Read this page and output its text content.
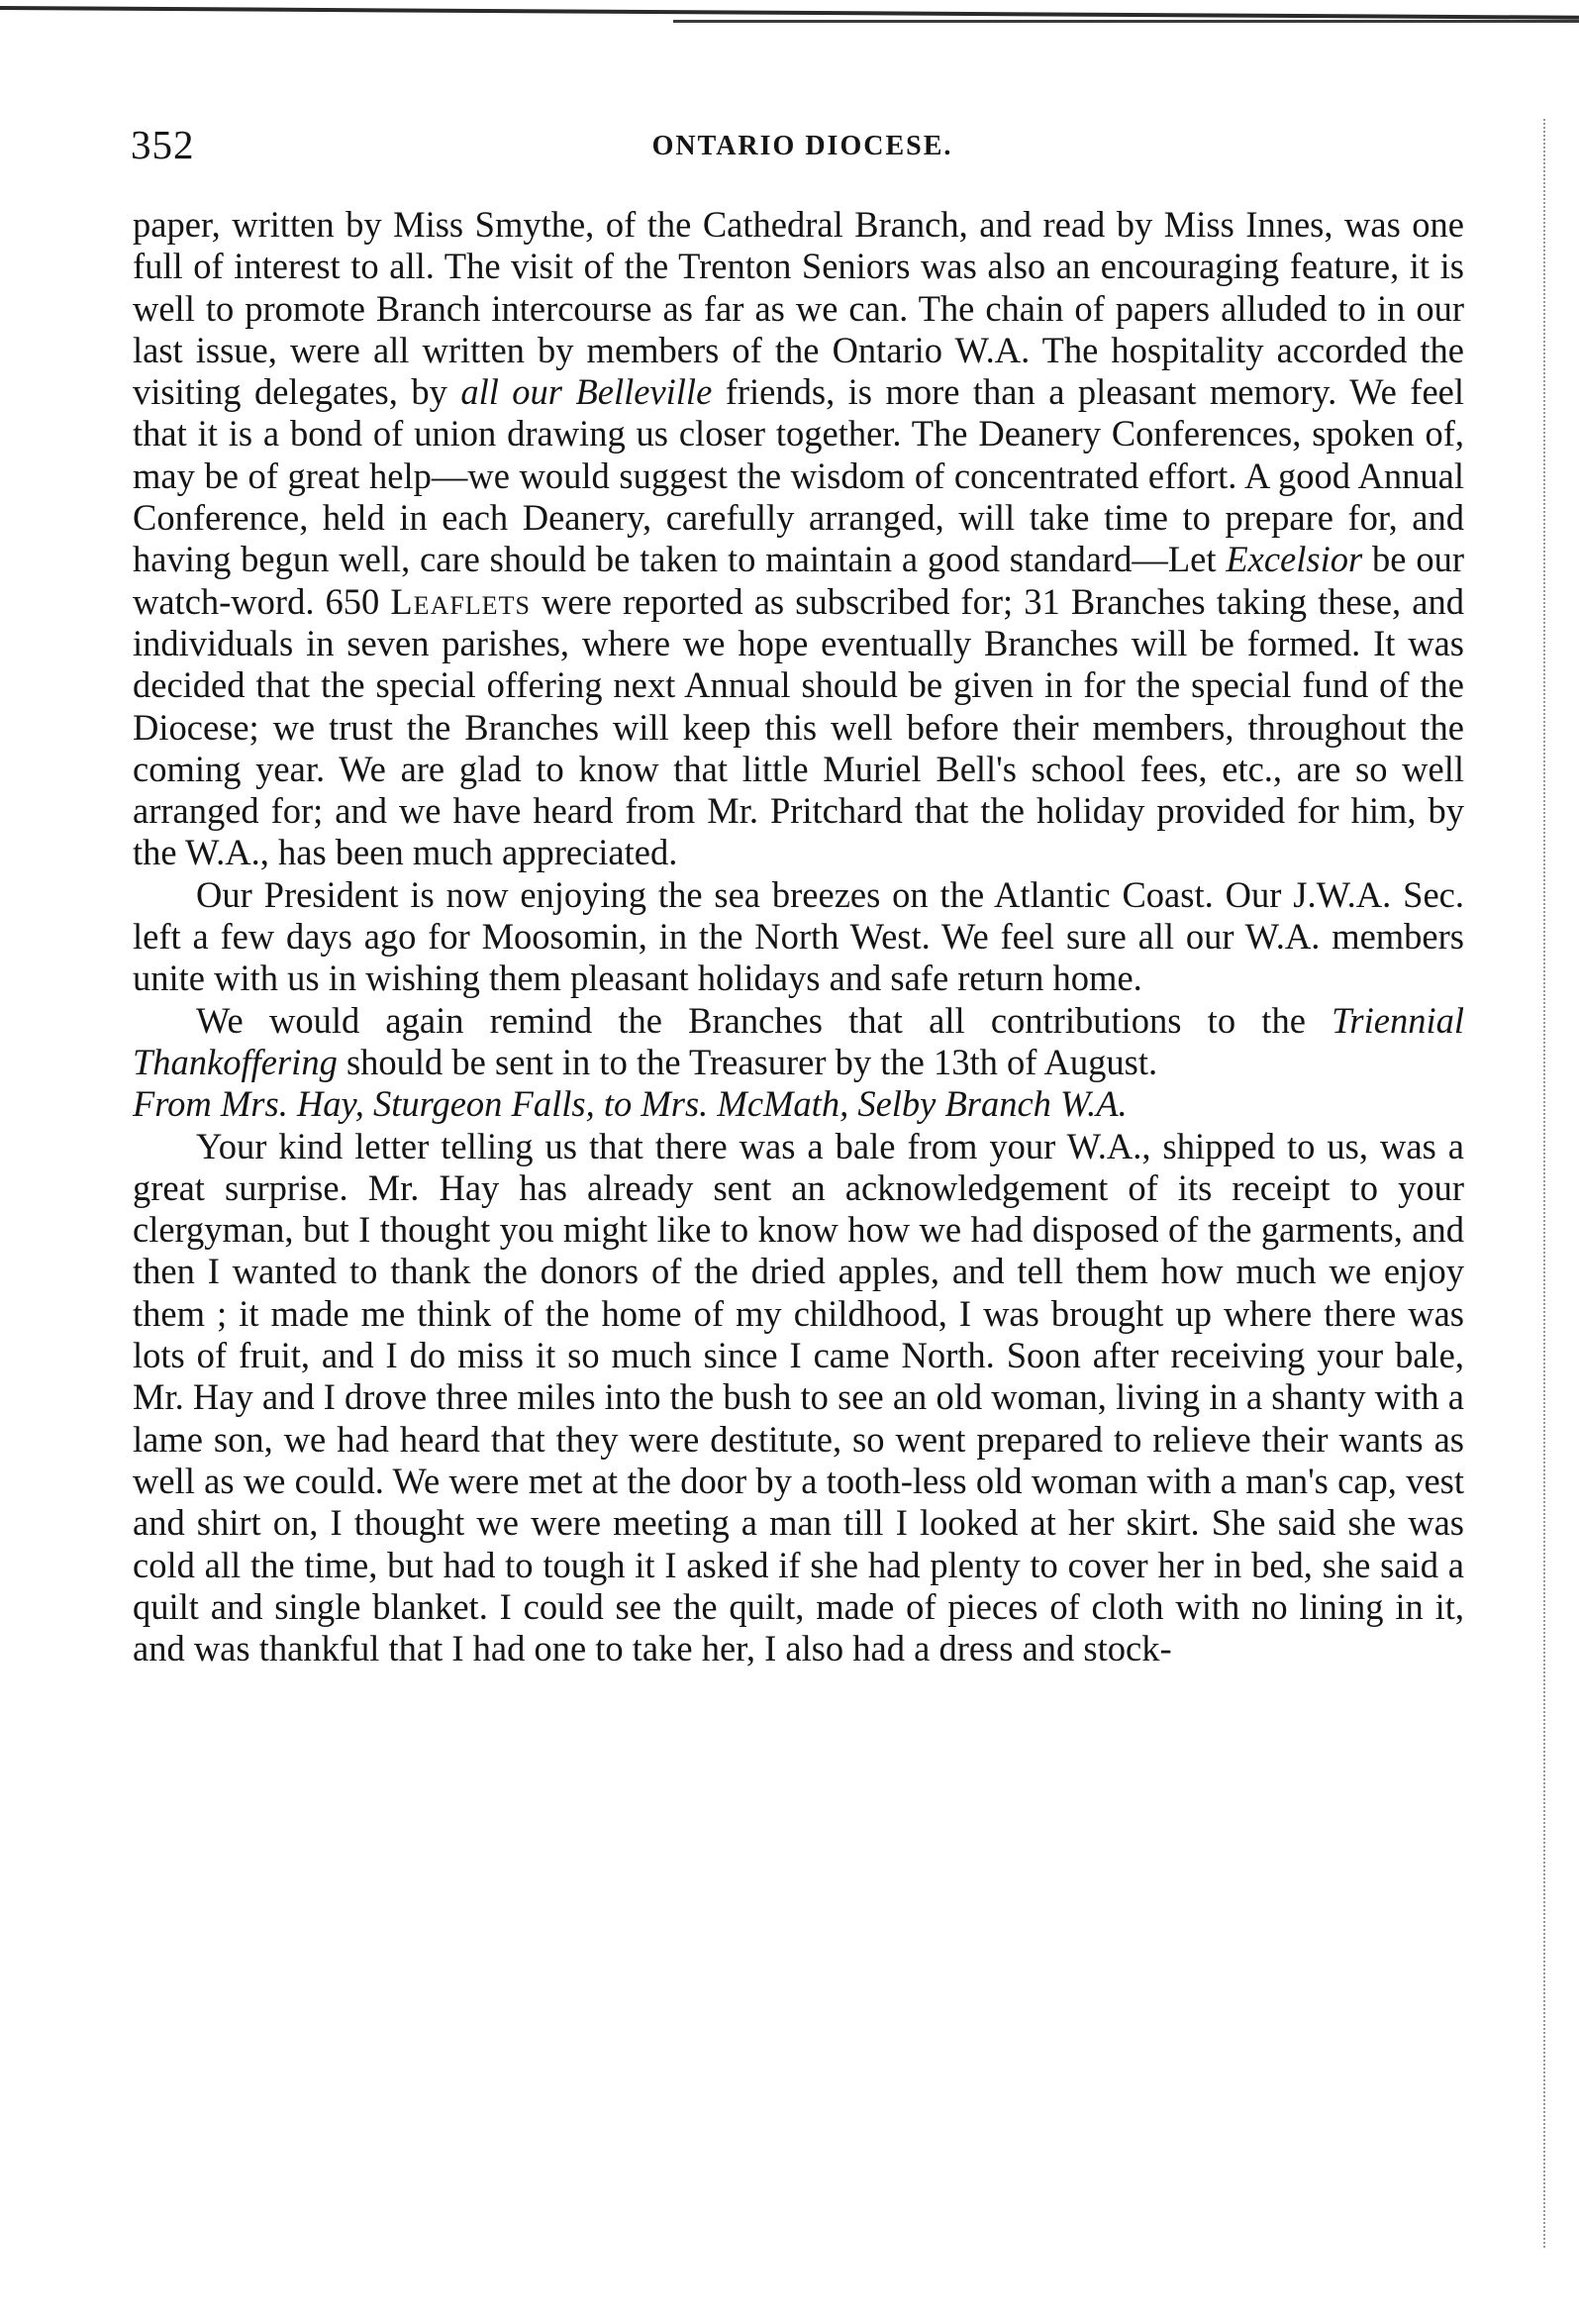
352	ONTARIO DIOCESE.

paper, written by Miss Smythe, of the Cathedral Branch, and read by Miss Innes, was one full of interest to all. The visit of the Trenton Seniors was also an encouraging feature, it is well to promote Branch intercourse as far as we can. The chain of papers alluded to in our last issue, were all written by members of the Ontario W.A. The hospitality accorded the visiting delegates, by all our Belleville friends, is more than a pleasant memory. We feel that it is a bond of union drawing us closer together. The Deanery Conferences, spoken of, may be of great help—we would suggest the wisdom of concentrated effort. A good Annual Conference, held in each Deanery, carefully arranged, will take time to prepare for, and having begun well, care should be taken to maintain a good standard—Let Excelsior be our watch-word. 650 Leaflets were reported as subscribed for; 31 Branches taking these, and individuals in seven parishes, where we hope eventually Branches will be formed. It was decided that the special offering next Annual should be given in for the special fund of the Diocese; we trust the Branches will keep this well before their members, throughout the coming year. We are glad to know that little Muriel Bell's school fees, etc., are so well arranged for; and we have heard from Mr. Pritchard that the holiday provided for him, by the W.A., has been much appreciated.

Our President is now enjoying the sea breezes on the Atlantic Coast. Our J.W.A. Sec. left a few days ago for Moosomin, in the North West. We feel sure all our W.A. members unite with us in wishing them pleasant holidays and safe return home.

We would again remind the Branches that all contributions to the Triennial Thankoffering should be sent in to the Treasurer by the 13th of August.

From Mrs. Hay, Sturgeon Falls, to Mrs. McMath, Selby Branch W.A.

Your kind letter telling us that there was a bale from your W.A., shipped to us, was a great surprise. Mr. Hay has already sent an acknowledgement of its receipt to your clergyman, but I thought you might like to know how we had disposed of the garments, and then I wanted to thank the donors of the dried apples, and tell them how much we enjoy them ; it made me think of the home of my childhood, I was brought up where there was lots of fruit, and I do miss it so much since I came North. Soon after receiving your bale, Mr. Hay and I drove three miles into the bush to see an old woman, living in a shanty with a lame son, we had heard that they were destitute, so went prepared to relieve their wants as well as we could. We were met at the door by a tooth-less old woman with a man's cap, vest and shirt on, I thought we were meeting a man till I looked at her skirt. She said she was cold all the time, but had to tough it I asked if she had plenty to cover her in bed, she said a quilt and single blanket. I could see the quilt, made of pieces of cloth with no lining in it, and was thankful that I had one to take her, I also had a dress and stock-
